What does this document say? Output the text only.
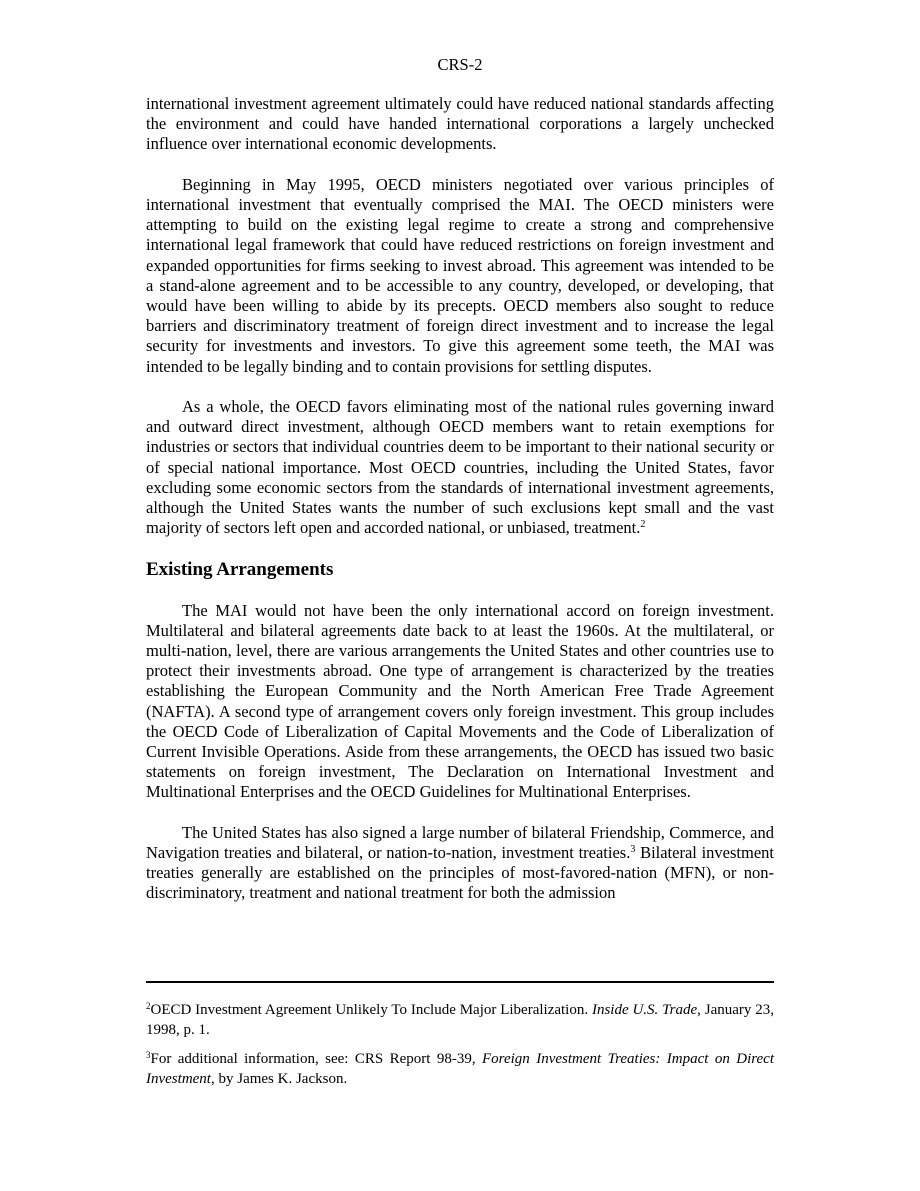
CRS-2

international investment agreement ultimately could have reduced national standards affecting the environment and could have handed international corporations a largely unchecked influence over international economic developments.

Beginning in May 1995, OECD ministers negotiated over various principles of international investment that eventually comprised the MAI. The OECD ministers were attempting to build on the existing legal regime to create a strong and comprehensive international legal framework that could have reduced restrictions on foreign investment and expanded opportunities for firms seeking to invest abroad. This agreement was intended to be a stand-alone agreement and to be accessible to any country, developed, or developing, that would have been willing to abide by its precepts. OECD members also sought to reduce barriers and discriminatory treatment of foreign direct investment and to increase the legal security for investments and investors. To give this agreement some teeth, the MAI was intended to be legally binding and to contain provisions for settling disputes.

As a whole, the OECD favors eliminating most of the national rules governing inward and outward direct investment, although OECD members want to retain exemptions for industries or sectors that individual countries deem to be important to their national security or of special national importance. Most OECD countries, including the United States, favor excluding some economic sectors from the standards of international investment agreements, although the United States wants the number of such exclusions kept small and the vast majority of sectors left open and accorded national, or unbiased, treatment.$^2$

Existing Arrangements

The MAI would not have been the only international accord on foreign investment. Multilateral and bilateral agreements date back to at least the 1960s. At the multilateral, or multi-nation, level, there are various arrangements the United States and other countries use to protect their investments abroad. One type of arrangement is characterized by the treaties establishing the European Community and the North American Free Trade Agreement (NAFTA). A second type of arrangement covers only foreign investment. This group includes the OECD Code of Liberalization of Capital Movements and the Code of Liberalization of Current Invisible Operations. Aside from these arrangements, the OECD has issued two basic statements on foreign investment, The Declaration on International Investment and Multinational Enterprises and the OECD Guidelines for Multinational Enterprises.

The United States has also signed a large number of bilateral Friendship, Commerce, and Navigation treaties and bilateral, or nation-to-nation, investment treaties.$^3$ Bilateral investment treaties generally are established on the principles of most-favored-nation (MFN), or non-discriminatory, treatment and national treatment for both the admission

$^2$OECD Investment Agreement Unlikely To Include Major Liberalization. Inside U.S. Trade, January 23, 1998, p. 1.

$^3$For additional information, see: CRS Report 98-39, Foreign Investment Treaties: Impact on Direct Investment, by James K. Jackson.
